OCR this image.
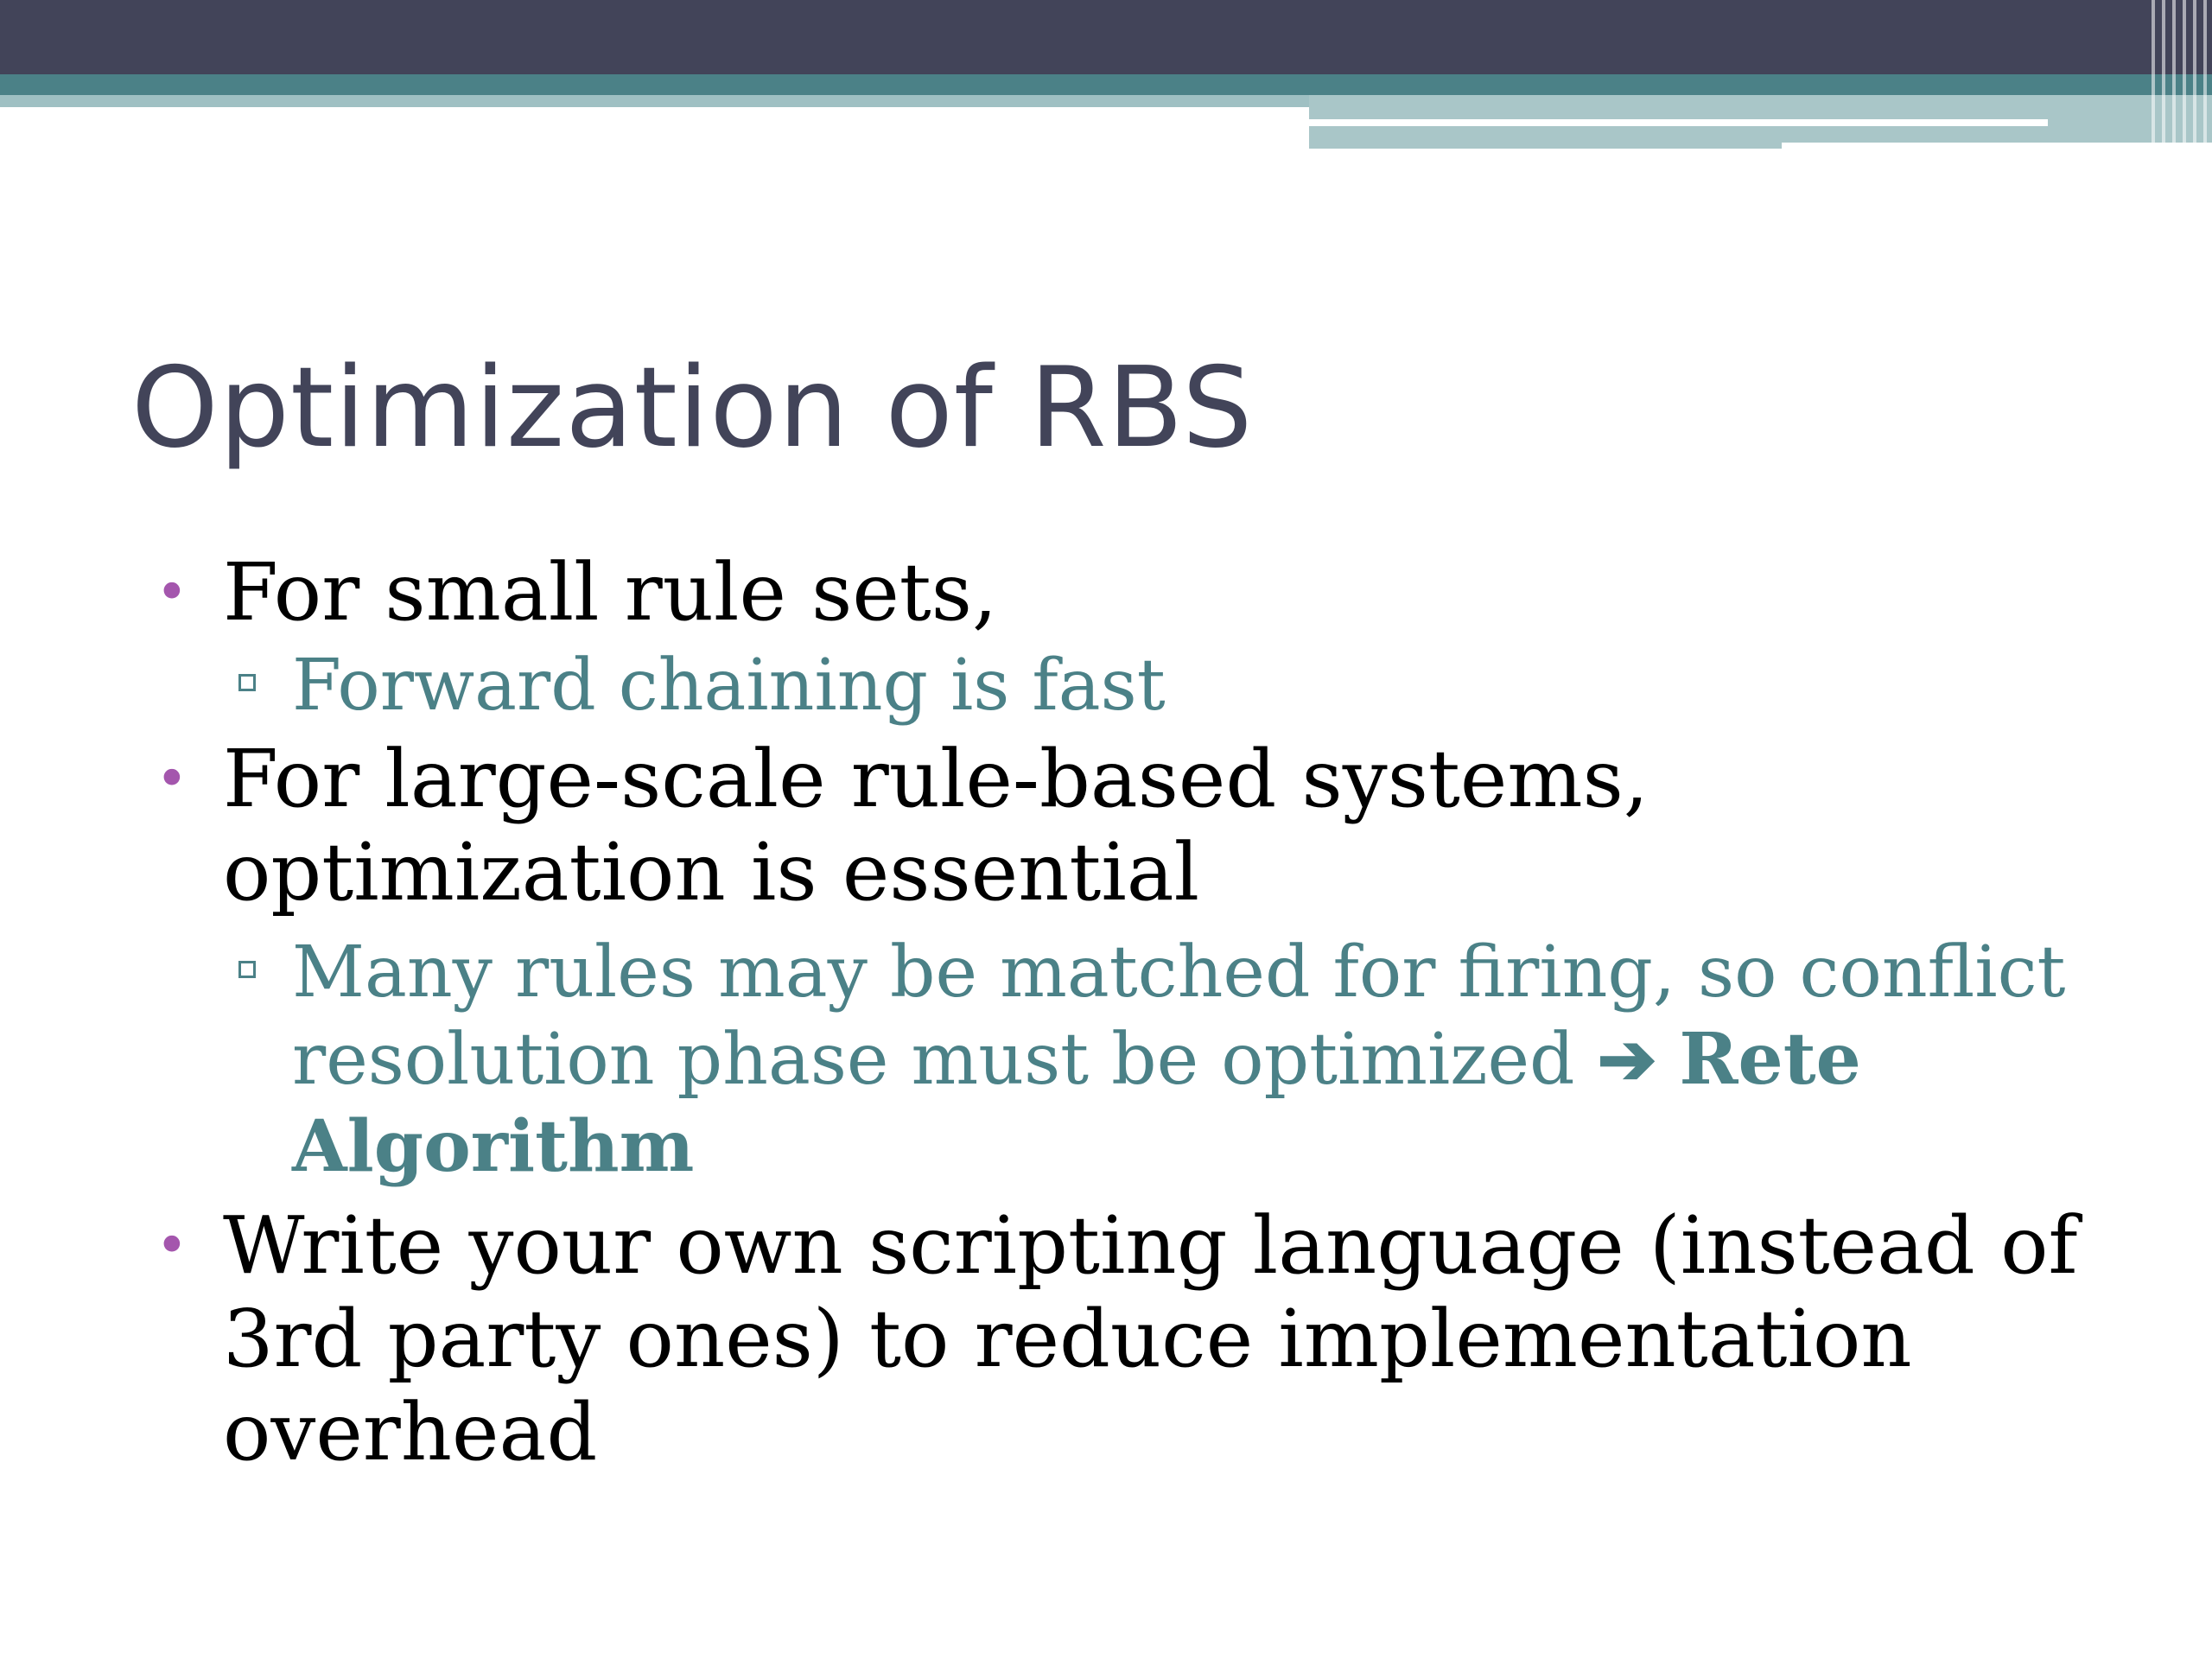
Optimization of RBS
• For small rule sets,
Forward chaining is fast
• For large-scale rule-based systems, optimization is essential
Many rules may be matched for firing, so conflict resolution phase must be optimized ➔ Rete Algorithm
• Write your own scripting language (instead of 3rd party ones) to reduce implementation overhead
